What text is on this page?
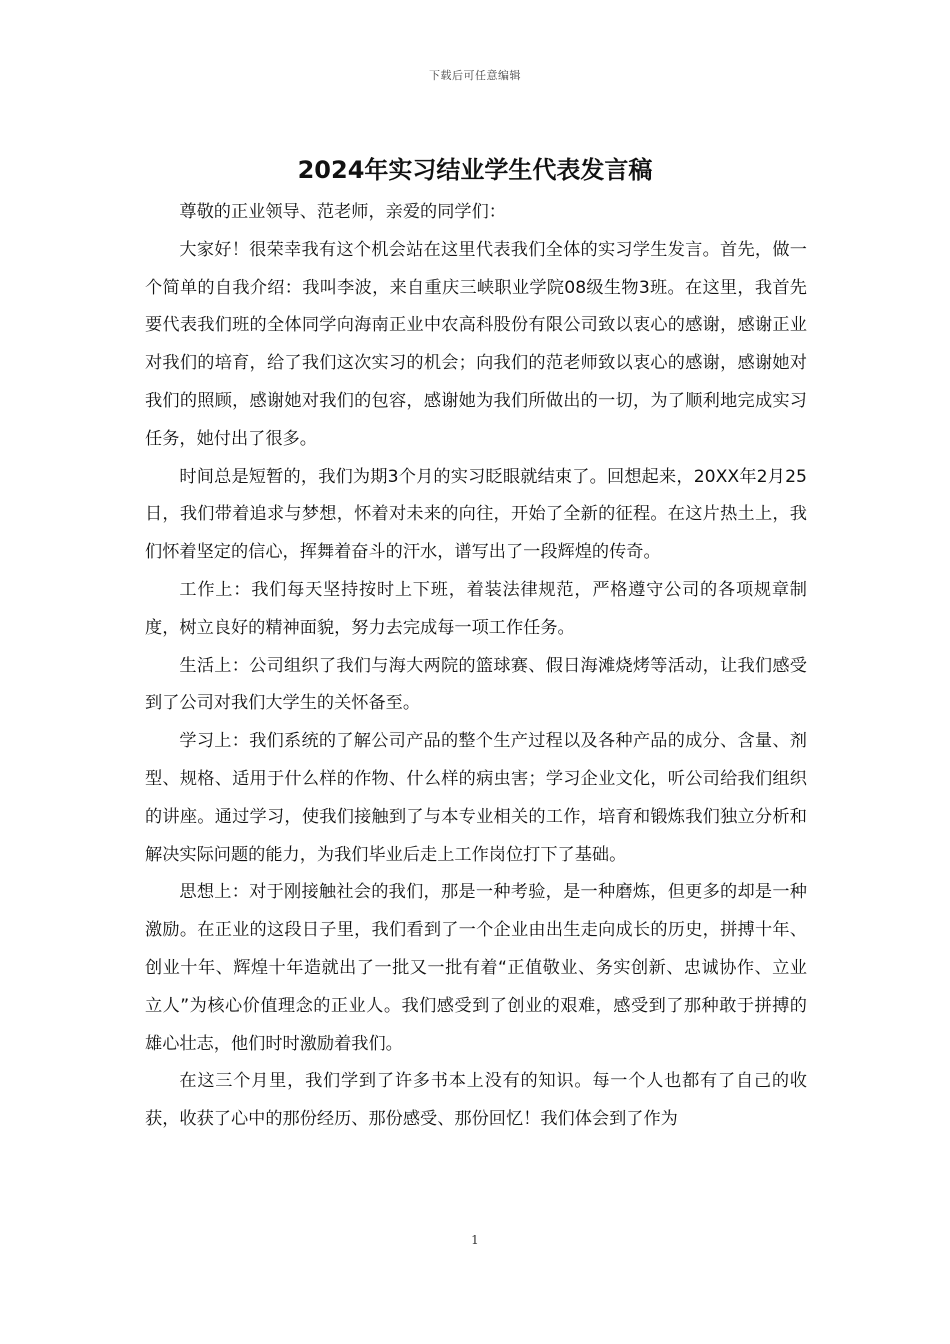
下载后可任意编辑
2024年实习结业学生代表发言稿

尊敬的正业领导、范老师，亲爱的同学们：

大家好！很荣幸我有这个机会站在这里代表我们全体的实习学生发言。首先，做一个简单的自我介绍：我叫李波，来自重庆三峡职业学院08级生物3班。在这里，我首先要代表我们班的全体同学向海南正业中农高科股份有限公司致以衷心的感谢，感谢正业对我们的培育，给了我们这次实习的机会；向我们的范老师致以衷心的感谢，感谢她对我们的照顾，感谢她对我们的包容，感谢她为我们所做出的一切，为了顺利地完成实习任务，她付出了很多。

时间总是短暂的，我们为期3个月的实习眨眼就结束了。回想起来，20XX年2月25日，我们带着追求与梦想，怀着对未来的向往，开始了全新的征程。在这片热土上，我们怀着坚定的信心，挥舞着奋斗的汗水，谱写出了一段辉煌的传奇。

工作上：我们每天坚持按时上下班，着装法律规范，严格遵守公司的各项规章制度，树立良好的精神面貌，努力去完成每一项工作任务。

生活上：公司组织了我们与海大两院的篮球赛、假日海滩烧烤等活动，让我们感受到了公司对我们大学生的关怀备至。

学习上：我们系统的了解公司产品的整个生产过程以及各种产品的成分、含量、剂型、规格、适用于什么样的作物、什么样的病虫害；学习企业文化，听公司给我们组织的讲座。通过学习，使我们接触到了与本专业相关的工作，培育和锻炼我们独立分析和解决实际问题的能力，为我们毕业后走上工作岗位打下了基础。

思想上：对于刚接触社会的我们，那是一种考验，是一种磨炼，但更多的却是一种激励。在正业的这段日子里，我们看到了一个企业由出生走向成长的历史，拼搏十年、创业十年、辉煌十年造就出了一批又一批有着“正值敬业、务实创新、忠诚协作、立业立人”为核心价值理念的正业人。我们感受到了创业的艰难，感受到了那种敢于拼搏的雄心壮志，他们时时激励着我们。

在这三个月里，我们学到了许多书本上没有的知识。每一个人也都有了自己的收获，收获了心中的那份经历、那份感受、那份回忆！我们体会到了作为

1
